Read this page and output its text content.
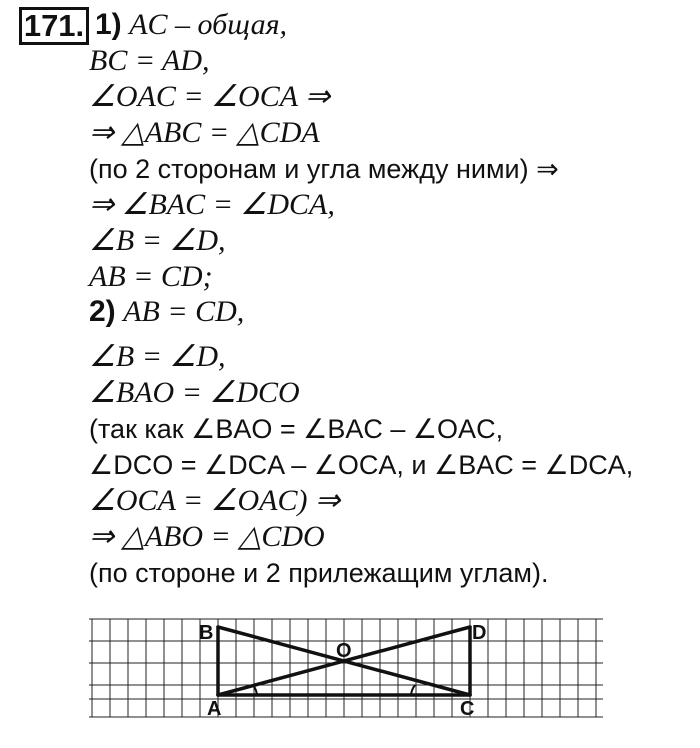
171. 1) AC – общая,
BC = AD,
∠OAC = ∠OCA ⇒
⇒ △ABC = △CDA
(по 2 сторонам и угла между ними) ⇒
⇒ ∠BAC = ∠DCA,
∠B = ∠D,
AB = CD;
2) AB = CD,
∠B = ∠D,
∠BAO = ∠DCO
(так как ∠BAO = ∠BAC – ∠OAC,
∠DCO = ∠DCA – ∠OCA, и ∠BAC = ∠DCA,
∠OCA = ∠OAC) ⇒
⇒ △ABO = △CDO
(по стороне и 2 прилежащим углам).
B	D
O
A	C
